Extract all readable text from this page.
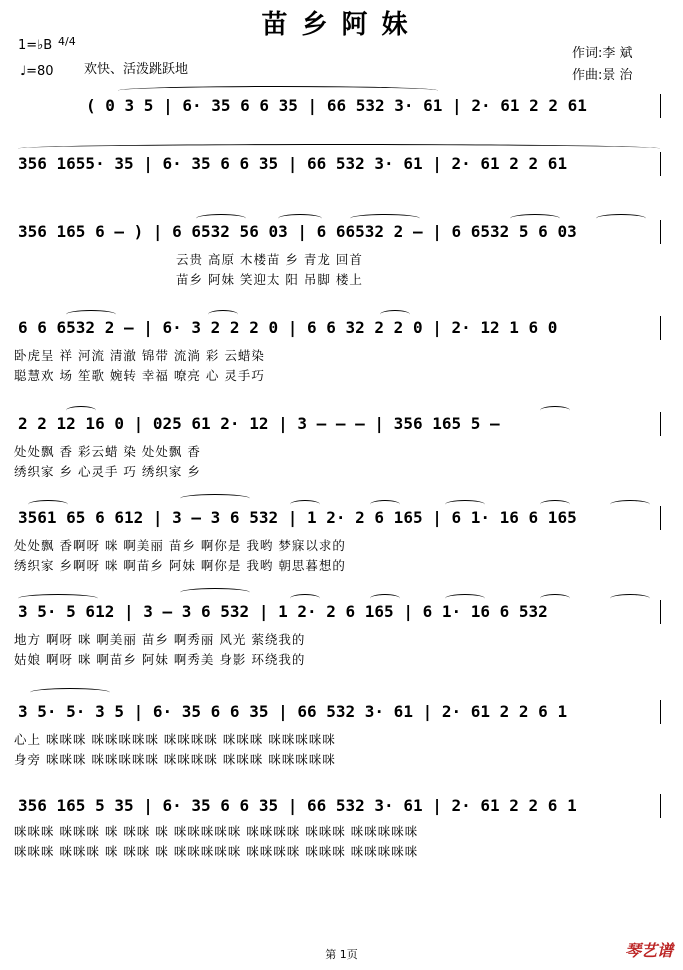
苗乡阿妹
1=♭B 4/4
♩=80 欢快、活泼跳跃地
作词:李 斌
作曲:景 治
( 0 3 5 | 6· 35 6 6 35 | 66 532 3· 61 | 2· 61 2 2 61
356 1655· 35 | 6· 35 6 6 35 | 66 532 3· 61 | 2· 61 2 2 61
356 165 6 – ) | 6 6532 56 03 | 6 66532 2 – | 6 6532 5 6 03
云贵 高原 木楼苗 乡 青龙 回首
苗乡 阿妹 笑迎太 阳 吊脚 楼上
6 6 6532 2 – | 6· 3 2 2 2 0 | 6 6 32 2 2 0 | 2· 12 1 6 0
卧虎呈 祥 河流 清澈 锦带 流淌 彩 云蜡染
聪慧欢 场 笙歌 婉转 幸福 嘹亮 心 灵手巧
2 2 12 16 0 | 025 61 2· 12 | 3 – – – | 356 165 5 –
处处飘 香 彩云蜡 染 处处飘 香
绣织家 乡 心灵手 巧 绣织家 乡
3561 65 6 612 | 3 – 3 6 532 | 1 2· 2 6 165 | 6 1· 16 6 165
处处飘 香啊呀 咪 啊美丽 苗乡 啊你是 我哟 梦寐以求的
绣织家 乡啊呀 咪 啊苗乡 阿妹 啊你是 我哟 朝思暮想的
3 5· 5 612 | 3 – 3 6 532 | 1 2· 2 6 165 | 6 1· 16 6 532
地方 啊呀 咪 啊美丽 苗乡 啊秀丽 风光 萦绕我的
姑娘 啊呀 咪 啊苗乡 阿妹 啊秀美 身影 环绕我的
3 5· 5· 3 5 | 6· 35 6 6 35 | 66 532 3· 61 | 2· 61 2 2 6 1
心上 咪咪咪 咪咪咪咪咪 咪咪咪咪 咪咪咪 咪咪咪咪咪
身旁 咪咪咪 咪咪咪咪咪 咪咪咪咪 咪咪咪 咪咪咪咪咪
356 165 5 35 | 6· 35 6 6 35 | 66 532 3· 61 | 2· 61 2 2 6 1
咪咪咪 咪咪咪 咪 咪咪 咪 咪咪咪咪咪 咪咪咪咪 咪咪咪 咪咪咪咪咪
咪咪咪 咪咪咪 咪 咪咪 咪 咪咪咪咪咪 咪咪咪咪 咪咪咪 咪咪咪咪咪
第 1页	琴艺谱
